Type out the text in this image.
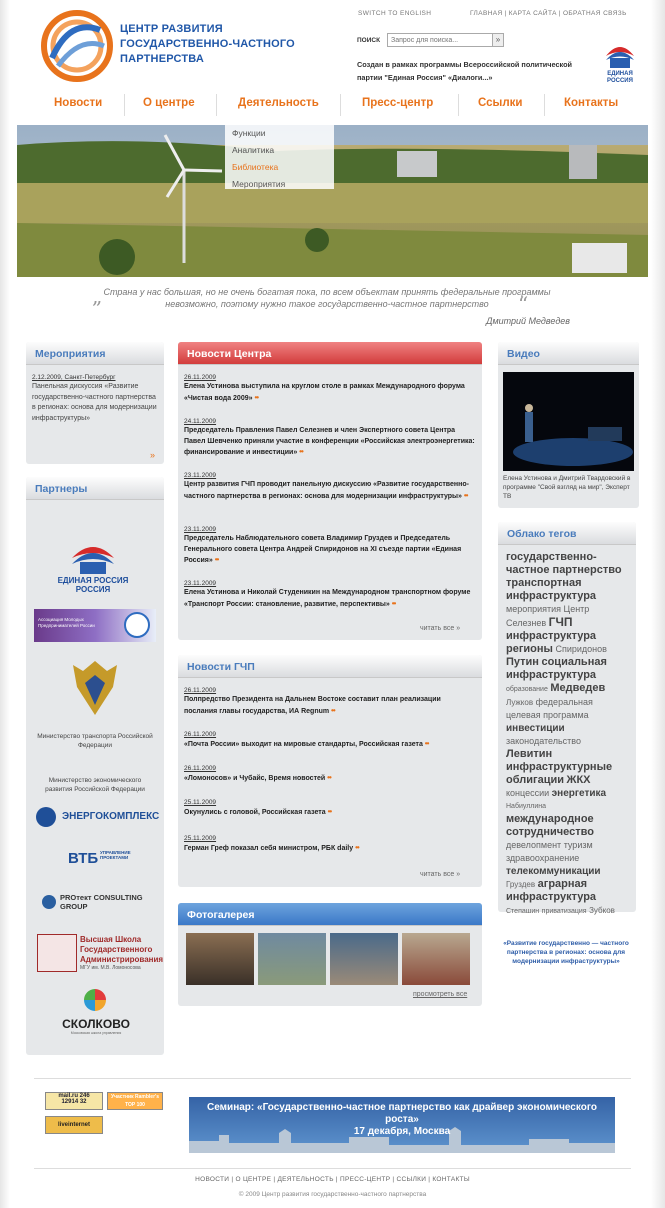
ЦЕНТР РАЗВИТИЯ ГОСУДАРСТВЕННО-ЧАСТНОГО ПАРТНЕРСТВА
SWITCH TO ENGLISH	ГЛАВНАЯ | КАРТА САЙТА | ОБРАТНАЯ СВЯЗЬ
ПОИСК
Запрос для поиска...	»
Создан в рамках программы Всероссийской политической партии "Единая Россия" «Диалоги...»	ЕДИНАЯ
РОССИЯ
Новости	О центре	Деятельность	Пресс-центр	Ссылки	Контакты
Функции
Аналитика
Библиотека
Мероприятия
„ Страна у нас большая, но не очень богатая пока, по всем объектам принять федеральные программы невозможно, поэтому нужно такое государственно-частное партнерство	“
Дмитрий Медведев
Мероприятия
2.12.2009, Санкт-Петербург
Панельная дискуссия «Развитие государственно-частного партнерства в регионах: основа для модернизации инфраструктуры»
»
Партнеры
ЕДИНАЯ РОССИЯ
РОССИЯ
Ассоциация Молодых Предпринимателей России
Министерство транспорта Российской Федерации
Министерство экономического развития Российской Федерации
ЭНЕРГОКОМПЛЕКС
ВТБ УПРАВЛЕНИЕ ПРОЕКТАМИ
PROтект CONSULTING GROUP
Высшая Школа Государственного Администрирования
МГУ им. М.В. Ломоносова
СКОЛКОВО
Московская школа управления
Новости Центра
26.11.2009
Елена Устинова выступила на круглом столе в рамках Международного форума «Чистая вода 2009» ••
24.11.2009
Председатель Правления Павел Селезнев и член Экспертного совета Центра Павел Шевченко приняли участие в конференции «Российская электроэнергетика: финансирование и инвестиции» ••
23.11.2009
Центр развития ГЧП проводит панельную дискуссию «Развитие государственно-частного партнерства в регионах: основа для модернизации инфраструктуры» ••
23.11.2009
Председатель Наблюдательного совета Владимир Груздев и Председатель Генерального совета Центра Андрей Спиридонов на XI съезде партии «Единая Россия» ••
23.11.2009
Елена Устинова и Николай Студеникин на Международном транспортном форуме «Транспорт России: становление, развитие, перспективы» ••
читать все »
Новости ГЧП
26.11.2009
Полпредство Президента на Дальнем Востоке составит план реализации послания главы государства, ИА Regnum ••
26.11.2009
«Почта России» выходит на мировые стандарты, Российская газета ••
26.11.2009
«Ломоносов» и Чубайс, Время новостей ••
25.11.2009
Окунулись с головой, Российская газета ••
25.11.2009
Герман Греф показал себя министром, РБК daily ••
читать все »
Фотогалерея
просмотреть все
Видео
Елена Устинова и Дмитрий Твардовский в программе "Свой взгляд на мир", Эксперт ТВ
Облако тегов
государственно-частное партнерство транспортная инфраструктура мероприятия Центр Селезнев ГЧП инфраструктура регионы Спиридонов Путин социальная инфраструктура образование Медведев Лужков федеральная целевая программа инвестиции законодательство Левитин инфраструктурные облигации ЖКХ концессии энергетика Набиуллина международное сотрудничество девелопмент туризм здравоохранение телекоммуникации Груздев аграрная инфраструктура Степашин приватизация Зубков
«Развитие государственно — частного партнерства в регионах: основа для модернизации инфраструктуры»
mail.ru 246
12914 32
Участник Rambler's TOP 100
liveinternet
Семинар: «Государственно-частное партнерство как драйвер экономического роста»
17 декабря, Москва
НОВОСТИ | О ЦЕНТРЕ | ДЕЯТЕЛЬНОСТЬ | ПРЕСС-ЦЕНТР | ССЫЛКИ | КОНТАКТЫ
© 2009 Центр развития государственно-частного партнерства
